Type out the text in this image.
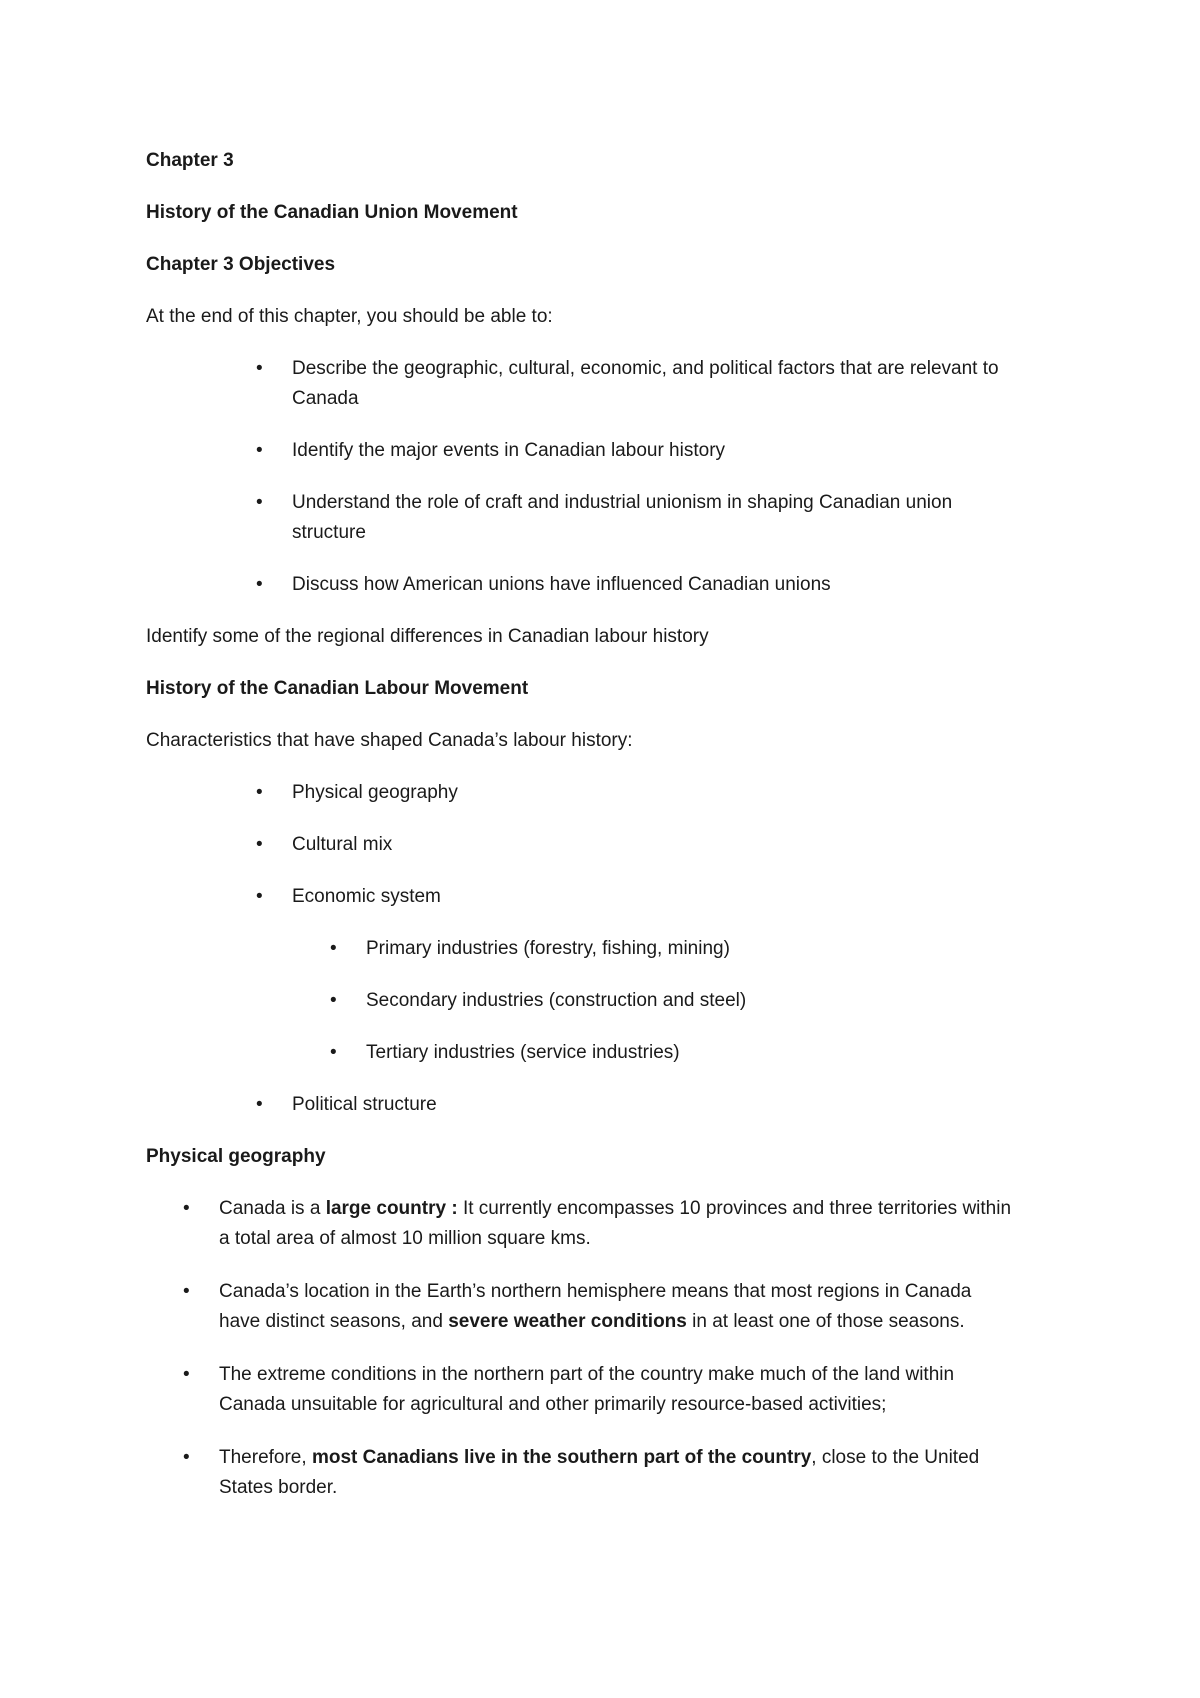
Chapter 3
History of the Canadian Union Movement
Chapter 3 Objectives
At the end of this chapter, you should be able to:
• Describe the geographic, cultural, economic, and political factors that are relevant to
Canada
• Identify the major events in Canadian labour history
• Understand the role of craft and industrial unionism in shaping Canadian union
structure
• Discuss how American unions have influenced Canadian unions
Identify some of the regional differences in Canadian labour history
History of the Canadian Labour Movement
Characteristics that have shaped Canada’s labour history:
• Physical geography
• Cultural mix
• Economic system
• Primary industries (forestry, fishing, mining)
• Secondary industries (construction and steel)
• Tertiary industries (service industries)
• Political structure
Physical geography
• Canada is a large country : It currently encompasses 10 provinces and three territories within
a total area of almost 10 million square kms.
• Canada’s location in the Earth’s northern hemisphere means that most regions in Canada
have distinct seasons, and severe weather conditions in at least one of those seasons.
• The extreme conditions in the northern part of the country make much of the land within
Canada unsuitable for agricultural and other primarily resource-based activities;
• Therefore, most Canadians live in the southern part of the country, close to the United
States border.
